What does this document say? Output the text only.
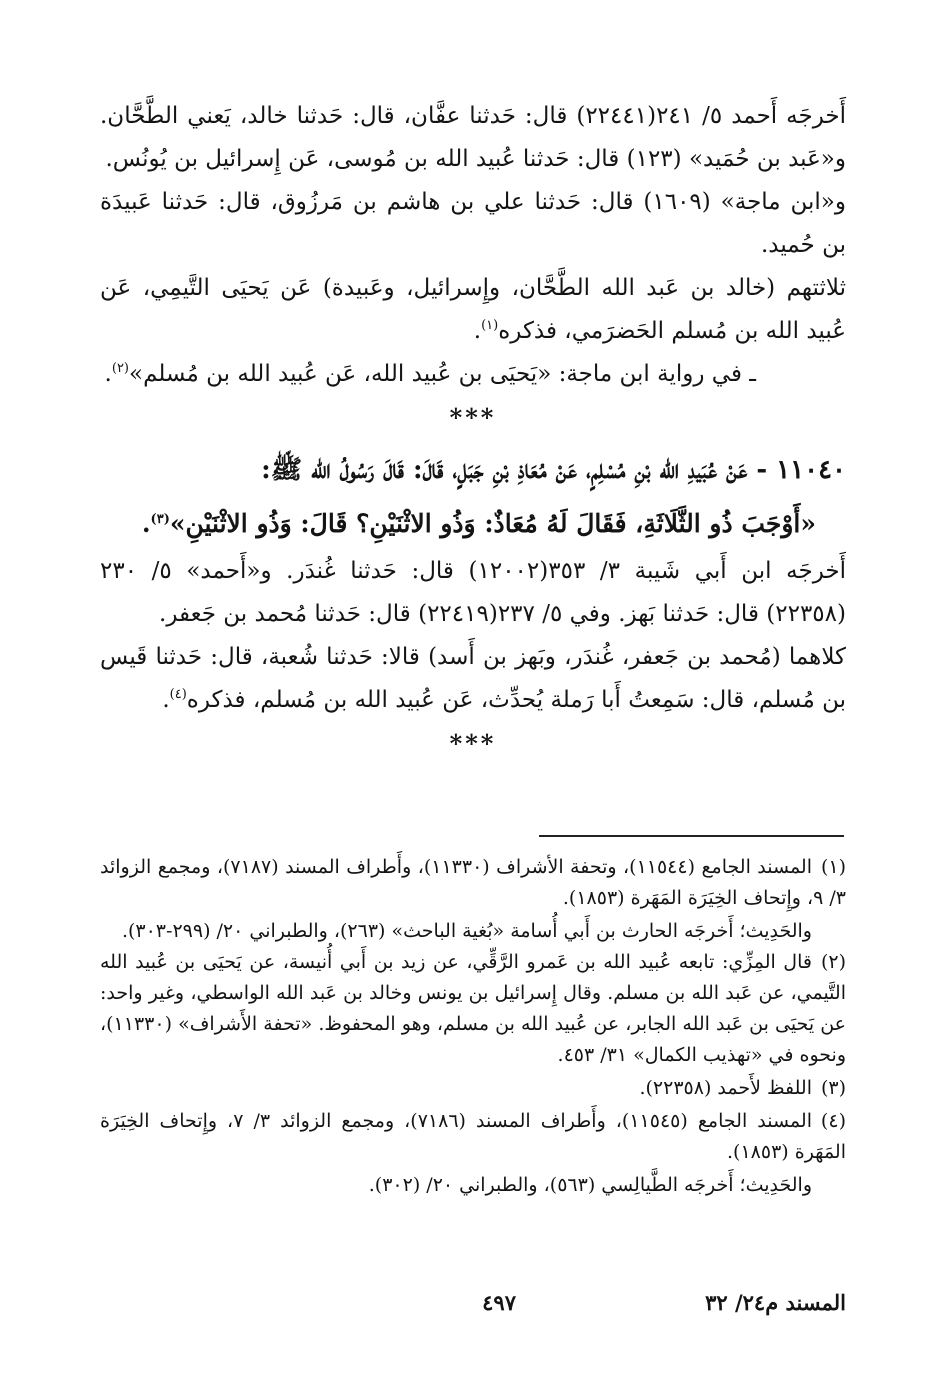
أَخرجَه أَحمد ٥/ ٢٤١(٢٢٤٤١) قال: حَدثنا عفَّان، قال: حَدثنا خالد، يَعني الطَّحَّان. و«عَبد بن حُمَيد» (١٢٣) قال: حَدثنا عُبيد الله بن مُوسى، عَن إِسرائيل بن يُونُس.

و«ابن ماجة» (١٦٠٩) قال: حَدثنا علي بن هاشم بن مَرزُوق، قال: حَدثنا عَبيدَة بن حُميد.

ثلاثتهم (خالد بن عَبد الله الطَّحَّان، وإِسرائيل، وعَبيدة) عَن يَحيَى التَّيمِي، عَن عُبيد الله بن مُسلم الحَضرَمي، فذكره$^{(١)}$.

ـ في رواية ابن ماجة: «يَحيَى بن عُبيد الله، عَن عُبيد الله بن مُسلم»$^{(٢)}$.

***

١١٠٤٠ - عَنْ عُبَيدِ الله بْنِ مُسْلِمٍ، عَنْ مُعَاذِ بْنِ جَبَلٍ، قَالَ: قَالَ رَسُولُ الله ﷺ:

«أَوْجَبَ ذُو الثَّلَاثَةِ، فَقَالَ لَهُ مُعَاذٌ: وَذُو الاثْنَيْنِ؟ قَالَ: وَذُو الاثْنَيْنِ»$^{(٣)}$.

أَخرجَه ابن أَبي شَيبة ٣/ ٣٥٣(١٢٠٠٢) قال: حَدثنا غُندَر. و«أَحمد» ٥/ ٢٣٠ (٢٢٣٥٨) قال: حَدثنا بَهز. وفي ٥/ ٢٣٧(٢٢٤١٩) قال: حَدثنا مُحمد بن جَعفر.

كلاهما (مُحمد بن جَعفر، غُندَر، وبَهز بن أَسد) قالا: حَدثنا شُعبة، قال: حَدثنا قَيس بن مُسلم، قال: سَمِعتُ أَبا رَملة يُحدِّث، عَن عُبيد الله بن مُسلم، فذكره$^{(٤)}$.

***

(١)المسند الجامع (١١٥٤٤)، وتحفة الأشراف (١١٣٣٠)، وأَطراف المسند (٧١٨٧)، ومجمع الزوائد ٣/ ٩، وإِتحاف الخِيَرَة المَهَرة (١٨٥٣).

والحَدِيث؛ أَخرجَه الحارث بن أَبي أُسامة «بُغية الباحث» (٢٦٣)، والطبراني ٢٠/ (٢٩٩-٣٠٣).

(٢)قال المِزِّي: تابعه عُبيد الله بن عَمرو الرَّقِّي، عن زيد بن أَبي أُنيسة، عن يَحيَى بن عُبيد الله التَّيمي، عن عَبد الله بن مسلم. وقال إِسرائيل بن يونس وخالد بن عَبد الله الواسطي، وغير واحد: عن يَحيَى بن عَبد الله الجابر، عن عُبيد الله بن مسلم، وهو المحفوظ. «تحفة الأَشراف» (١١٣٣٠)، ونحوه في «تهذيب الكمال» ٣١/ ٤٥٣.

(٣)اللفظ لأَحمد (٢٢٣٥٨).

(٤)المسند الجامع (١١٥٤٥)، وأَطراف المسند (٧١٨٦)، ومجمع الزوائد ٣/ ٧، وإِتحاف الخِيَرَة المَهَرة (١٨٥٣).

والحَدِيث؛ أَخرجَه الطَّيالِسي (٥٦٣)، والطبراني ٢٠/ (٣٠٢).

المسند م٢٤/ ٣٢
٤٩٧
